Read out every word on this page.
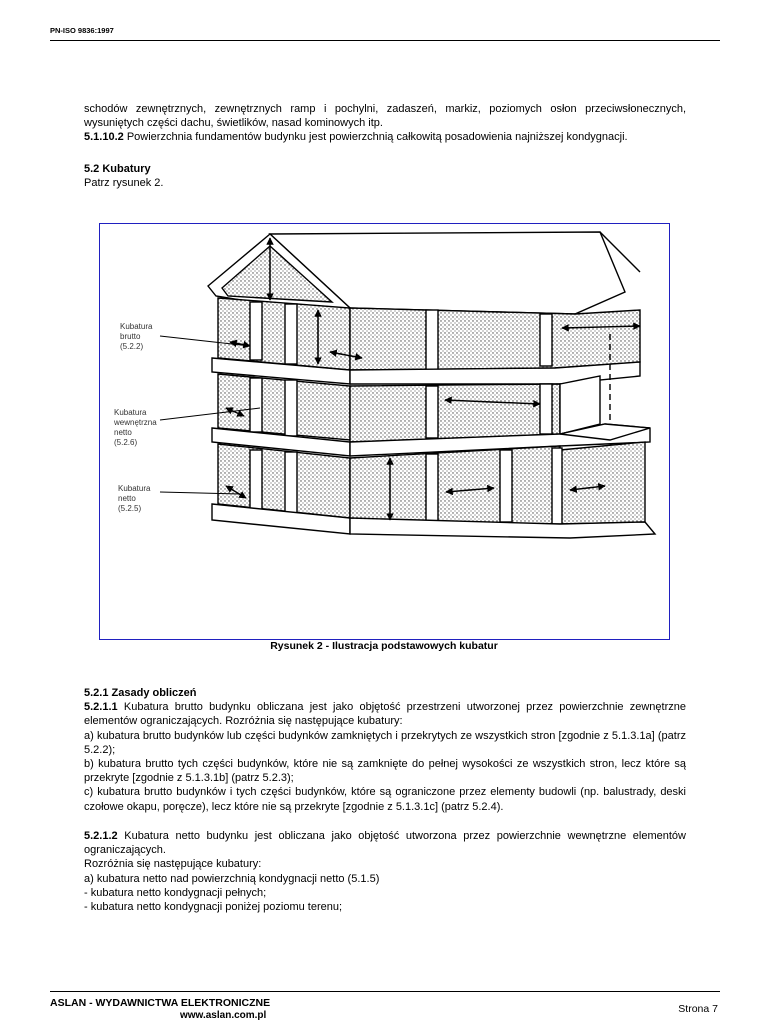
PN-ISO 9836:1997

schodów zewnętrznych, zewnętrznych ramp i pochylni, zadaszeń, markiz, poziomych osłon przeciwsłonecznych, wysuniętych części dachu, świetlików, nasad kominowych itp.

5.1.10.2 Powierzchnia fundamentów budynku jest powierzchnią całkowitą posadowienia najniższej kondygnacji.

5.2 Kubatury

Patrz rysunek 2.

Kubatura
brutto
(5.2.2)
Kubatura
wewnętrzna
netto
(5.2.6)
Kubatura
netto
(5.2.5)
Rysunek 2 - Ilustracja podstawowych kubatur

5.2.1 Zasady obliczeń

5.2.1.1 Kubatura brutto budynku obliczana jest jako objętość przestrzeni utworzonej przez powierzchnie zewnętrzne elementów ograniczających. Rozróżnia się następujące kubatury:

a) kubatura brutto budynków lub części budynków zamkniętych i przekrytych ze wszystkich stron [zgodnie z 5.1.3.1a] (patrz 5.2.2);

b) kubatura brutto tych części budynków, które nie są zamknięte do pełnej wysokości ze wszystkich stron, lecz które są przekryte [zgodnie z 5.1.3.1b] (patrz 5.2.3);

c) kubatura brutto budynków i tych części budynków, które są ograniczone przez elementy budowli (np. balustrady, deski czołowe okapu, poręcze), lecz które nie są przekryte [zgodnie z 5.1.3.1c] (patrz 5.2.4).

5.2.1.2 Kubatura netto budynku jest obliczana jako objętość utworzona przez powierzchnie wewnętrzne elementów ograniczających.

Rozróżnia się następujące kubatury:

a) kubatura netto nad powierzchnią kondygnacji netto (5.1.5)

- kubatura netto kondygnacji pełnych;

- kubatura netto kondygnacji poniżej poziomu terenu;

ASLAN - WYDAWNICTWA ELEKTRONICZNE
www.aslan.com.pl
Strona 7
